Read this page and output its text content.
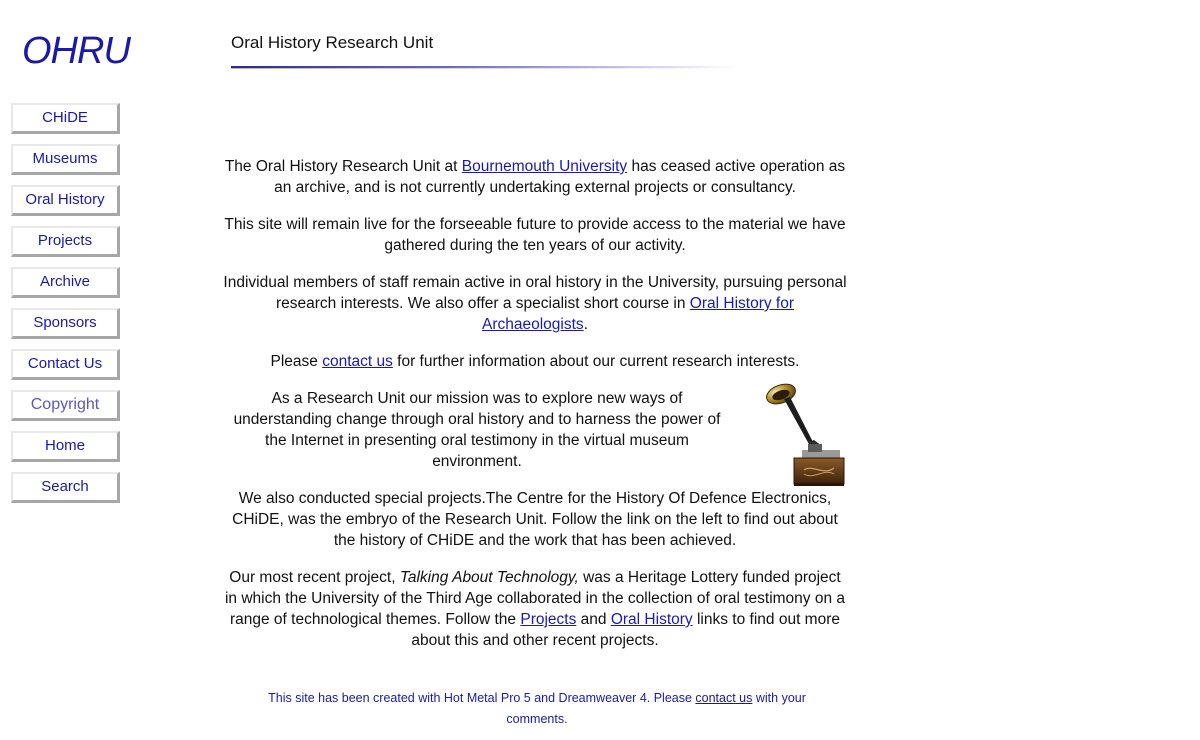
OHRU
CHiDE
Museums
Oral History
Projects
Archive
Sponsors
Contact Us
Copyright
Home
Search
Oral History Research Unit

The Oral History Research Unit at Bournemouth University has ceased active operation as an archive, and is not currently undertaking external projects or consultancy.

This site will remain live for the forseeable future to provide access to the material we have gathered during the ten years of our activity.

Individual members of staff remain active in oral history in the University, pursuing personal research interests. We also offer a specialist short course in Oral History for Archaeologists.

Please contact us for further information about our current research interests.

As a Research Unit our mission was to explore new ways of understanding change through oral history and to harness the power of the Internet in presenting oral testimony in the virtual museum environment.

We also conducted special projects.The Centre for the History Of Defence Electronics, CHiDE, was the embryo of the Research Unit. Follow the link on the left to find out about the history of CHiDE and the work that has been achieved.

Our most recent project, Talking About Technology, was a Heritage Lottery funded project in which the University of the Third Age collaborated in the collection of oral testimony on a range of technological themes. Follow the Projects and Oral History links to find out more about this and other recent projects.

This site has been created with Hot Metal Pro 5 and Dreamweaver 4. Please contact us with your comments.
